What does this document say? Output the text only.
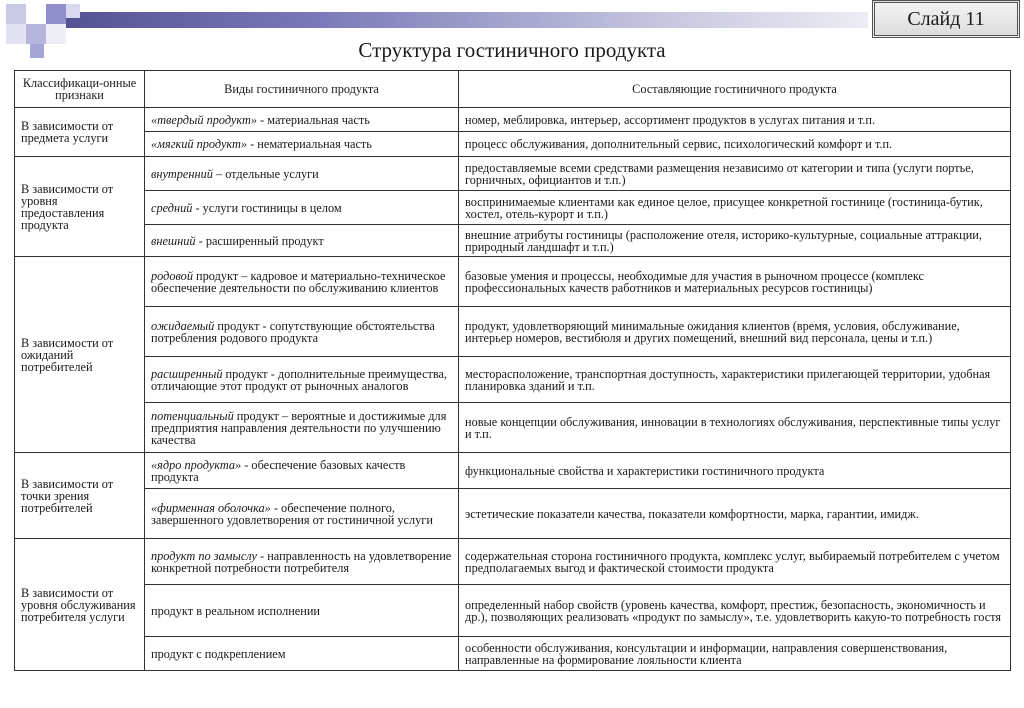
Слайд 11
Структура гостиничного продукта
Классификаци-онные признаки	Виды гостиничного продукта	Составляющие гостиничного продукта
В зависимости от предмета услуги	«твердый продукт» - материальная часть	номер, меблировка, интерьер, ассортимент продуктов в услугах питания и т.п.
	«мягкий продукт» - нематериальная часть	процесс обслуживания, дополнительный сервис, психологический комфорт и т.п.
В зависимости от уровня предоставления продукта	внутренний – отдельные услуги	предоставляемые всеми средствами размещения независимо от категории и типа (услуги портье, горничных, официантов и т.п.)
	средний - услуги гостиницы в целом	воспринимаемые клиентами как единое целое, присущее конкретной гостинице (гостиница-бутик, хостел, отель-курорт и т.п.)
	внешний - расширенный продукт	внешние атрибуты гостиницы (расположение отеля, историко-культурные, социальные аттракции, природный ландшафт и т.п.)
В зависимости от ожиданий потребителей	родовой продукт – кадровое и материально-техническое обеспечение деятельности по обслуживанию клиентов	базовые умения и процессы, необходимые для участия в рыночном процессе (комплекс профессиональных качеств работников и материальных ресурсов гостиницы)
	ожидаемый продукт - сопутствующие обстоятельства потребления родового продукта	продукт, удовлетворяющий минимальные ожидания клиентов (время, условия, обслуживание, интерьер номеров, вестибюля и других помещений, внешний вид персонала, цены и т.п.)
	расширенный продукт - дополнительные преимущества, отличающие этот продукт от рыночных аналогов	месторасположение, транспортная доступность, характеристики прилегающей территории, удобная планировка зданий и т.п.
	потенциальный продукт – вероятные и достижимые для предприятия направления деятельности по улучшению качества	новые концепции обслуживания, инновации в технологиях обслуживания, перспективные типы услуг и т.п.
В зависимости от точки зрения потребителей	«ядро продукта» - обеспечение базовых качеств продукта	функциональные свойства и характеристики гостиничного продукта
	«фирменная оболочка» - обеспечение полного, завершенного удовлетворения от гостиничной услуги	эстетические показатели качества, показатели комфортности, марка, гарантии, имидж.
В зависимости от уровня обслуживания потребителя услуги	продукт по замыслу - направленность на удовлетворение конкретной потребности потребителя	содержательная сторона гостиничного продукта, комплекс услуг, выбираемый потребителем с учетом предполагаемых выгод и фактической стоимости продукта
	продукт в реальном исполнении	определенный набор свойств (уровень качества, комфорт, престиж, безопасность, экономичность и др.), позволяющих реализовать «продукт по замыслу», т.е. удовлетворить какую-то потребность гостя
	продукт с подкреплением	особенности обслуживания, консультации и информации, направления совершенствования, направленные на формирование лояльности клиента
